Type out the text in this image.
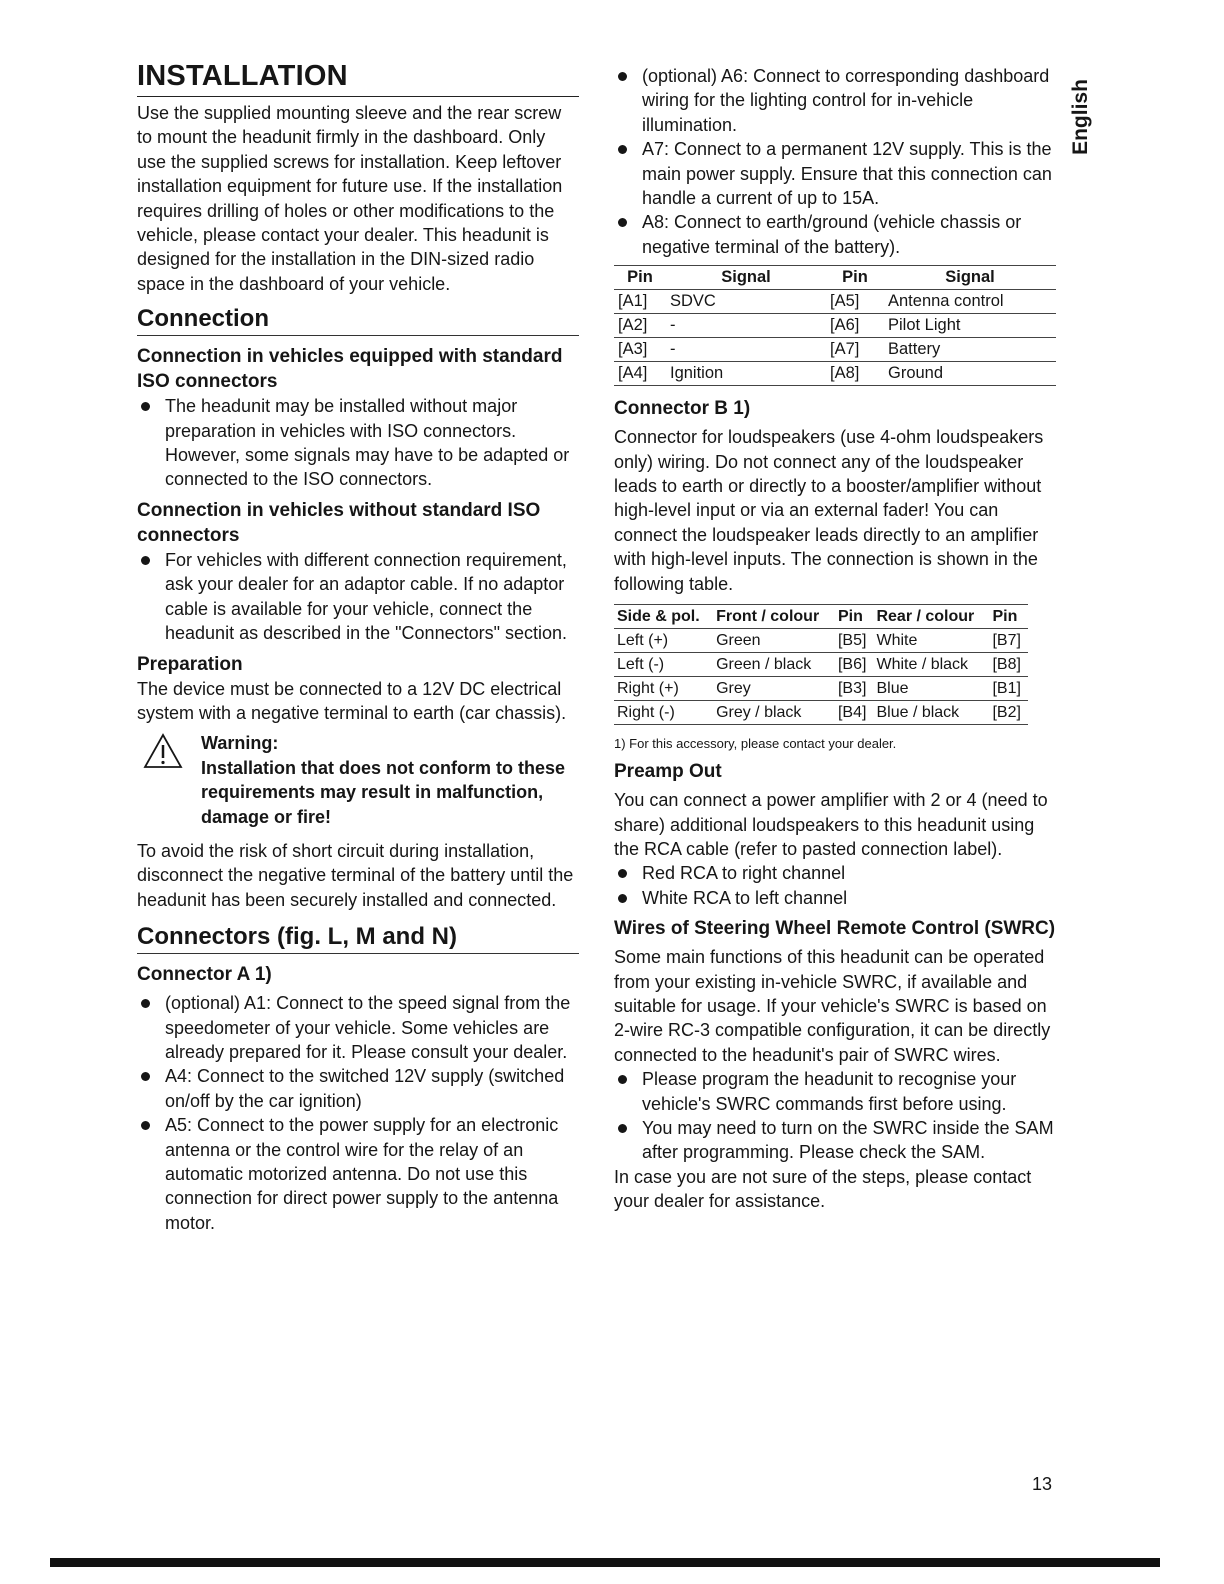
INSTALLATION

Use the supplied mounting sleeve and the rear screw to mount the headunit firmly in the dashboard. Only use the supplied screws for installation. Keep leftover installation equipment for future use. If the installation requires drilling of holes or other modifications to the vehicle, please contact your dealer. This headunit is designed for the installation in the DIN-sized radio space in the dashboard of your vehicle.

Connection
Connection in vehicles equipped with standard ISO connectors
The headunit may be installed without major preparation in vehicles with ISO connectors. However, some signals may have to be adapted or connected to the ISO connectors.
Connection in vehicles without standard ISO connectors
For vehicles with different connection requirement, ask your dealer for an adaptor cable. If no adaptor cable is available for your vehicle, connect the headunit as described in the "Connectors" section.
Preparation

The device must be connected to a 12V DC electrical system with a negative terminal to earth (car chassis).

Warning:

Installation that does not conform to these requirements may result in malfunction, damage or fire!

To avoid the risk of short circuit during installation, disconnect the negative terminal of the battery until the headunit has been securely installed and connected.

Connectors (fig. L, M and N)
Connector A 1)
(optional) A1: Connect to the speed signal from the speedometer of your vehicle. Some vehicles are already prepared for it. Please consult your dealer.
A4: Connect to the switched 12V supply (switched on/off by the car ignition)
A5: Connect to the power supply for an electronic antenna or the control wire for the relay of an automatic motorized antenna. Do not use this connection for direct power supply to the antenna motor.
(optional) A6: Connect to corresponding dashboard wiring for the lighting control for in-vehicle illumination.
A7: Connect to a permanent 12V supply. This is the main power supply. Ensure that this connection can handle a current of up to 15A.
A8: Connect to earth/ground (vehicle chassis or negative terminal of the battery).
Pin	Signal	Pin	Signal
[A1]	SDVC	[A5]	Antenna control
[A2]	-	[A6]	Pilot Light
[A3]	-	[A7]	Battery
[A4]	Ignition	[A8]	Ground
Connector B 1)

Connector for loudspeakers (use 4-ohm loudspeakers only) wiring. Do not connect any of the loudspeaker leads to earth or directly to a booster/amplifier without high-level input or via an external fader! You can connect the loudspeaker leads directly to an amplifier with high-level inputs. The connection is shown in the following table.

Side & pol.	Front / colour	Pin	Rear / colour	Pin
Left (+)	Green	[B5]	White	[B7]
Left (-)	Green / black	[B6]	White / black	[B8]
Right (+)	Grey	[B3]	Blue	[B1]
Right (-)	Grey / black	[B4]	Blue / black	[B2]

1) For this accessory, please contact your dealer.

Preamp Out

You can connect a power amplifier with 2 or 4 (need to share) additional loudspeakers to this headunit using the RCA cable (refer to pasted connection label).

Red RCA to right channel
White RCA to left channel
Wires of Steering Wheel Remote Control (SWRC)

Some main functions of this headunit can be operated from your existing in-vehicle SWRC, if available and suitable for usage. If your vehicle's SWRC is based on 2-wire RC-3 compatible configuration, it can be directly connected to the headunit's pair of SWRC wires.

Please program the headunit to recognise your vehicle's SWRC commands first before using.
You may need to turn on the SWRC inside the SAM after programming. Please check the SAM.

In case you are not sure of the steps, please contact your dealer for assistance.

English
13
